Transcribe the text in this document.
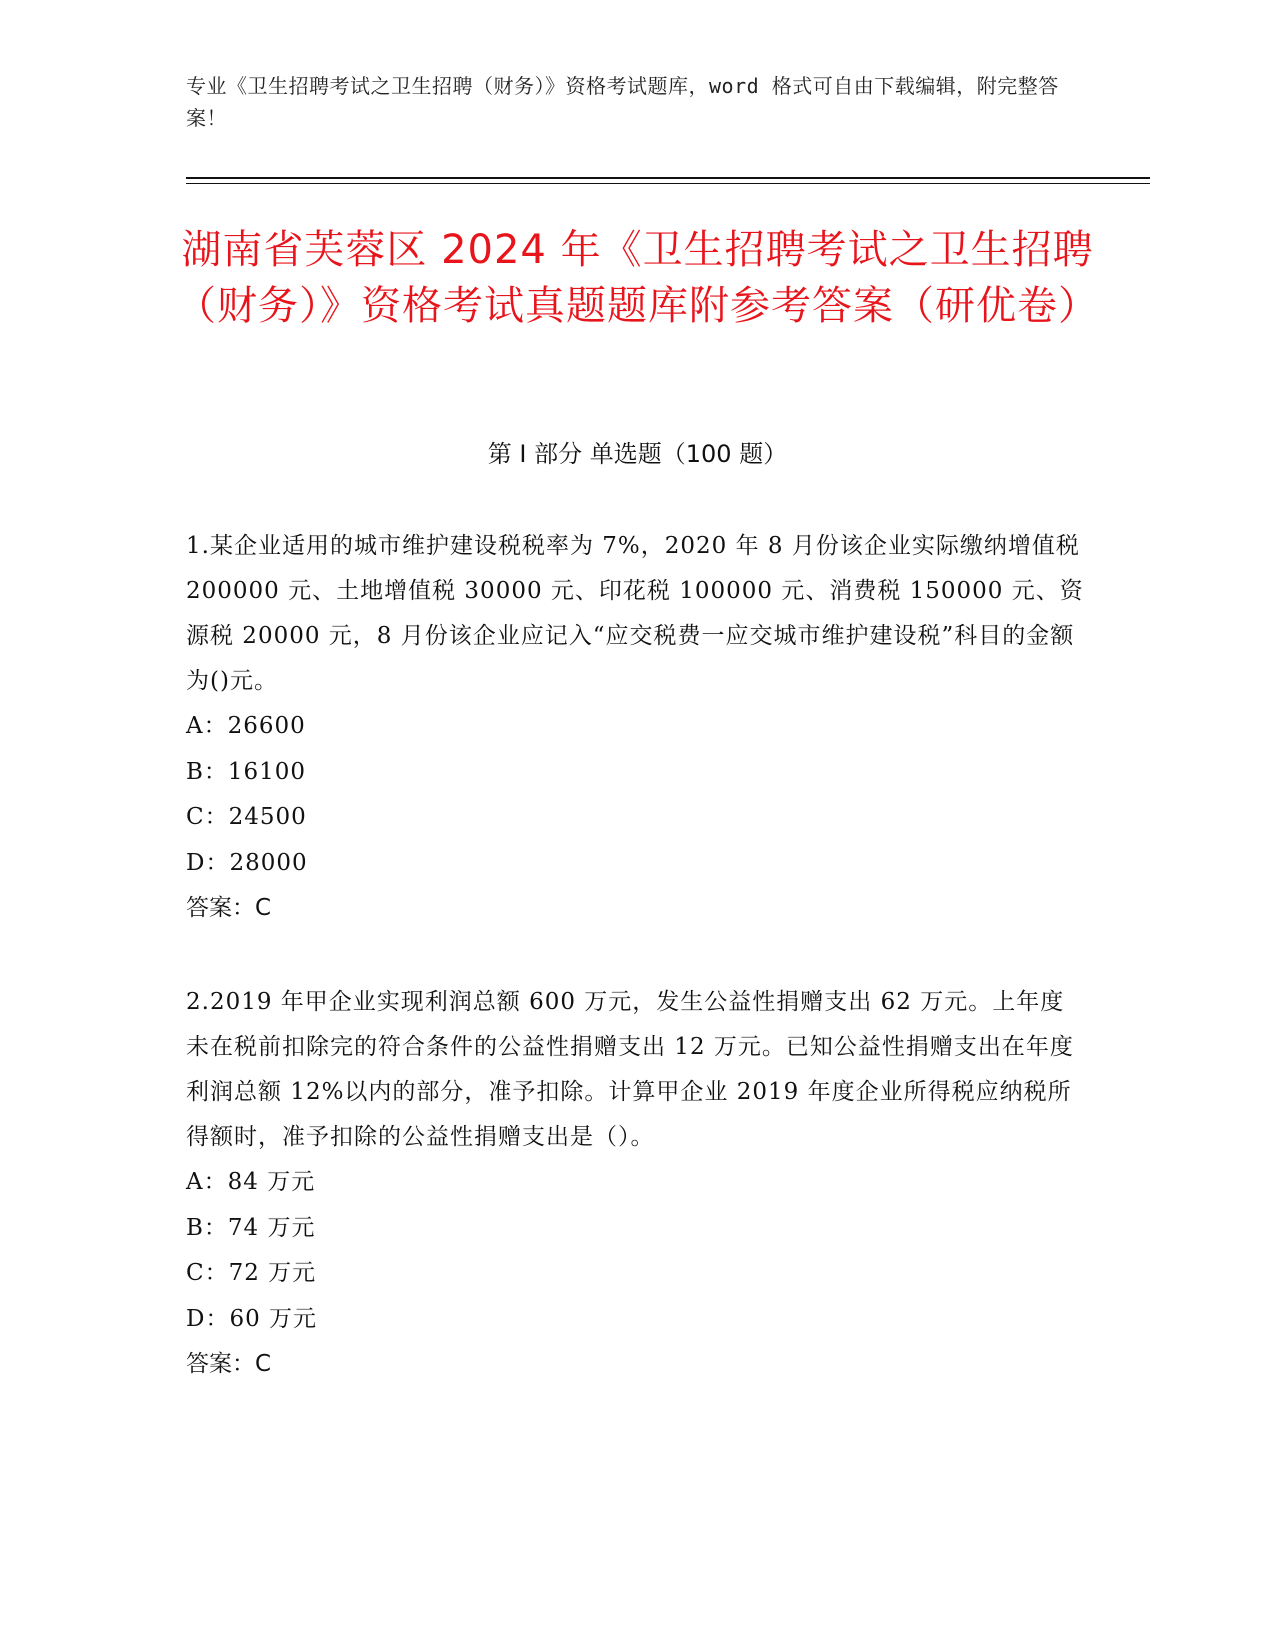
专业《卫生招聘考试之卫生招聘（财务）》资格考试题库，word 格式可自由下载编辑，附完整答案！
湖南省芙蓉区 2024 年《卫生招聘考试之卫生招聘（财务）》资格考试真题题库附参考答案（研优卷）
第 I 部分 单选题（100 题）

1.某企业适用的城市维护建设税税率为 7%，2020 年 8 月份该企业实际缴纳增值税 200000 元、土地增值税 30000 元、印花税 100000 元、消费税 150000 元、资源税 20000 元，8 月份该企业应记入“应交税费一应交城市维护建设税”科目的金额为()元。

A：26600

B：16100

C：24500

D：28000

答案：C

2.2019 年甲企业实现利润总额 600 万元，发生公益性捐赠支出 62 万元。上年度未在税前扣除完的符合条件的公益性捐赠支出 12 万元。已知公益性捐赠支出在年度利润总额 12%以内的部分，准予扣除。计算甲企业 2019 年度企业所得税应纳税所得额时，准予扣除的公益性捐赠支出是（）。

A：84 万元

B：74 万元

C：72 万元

D：60 万元

答案：C
